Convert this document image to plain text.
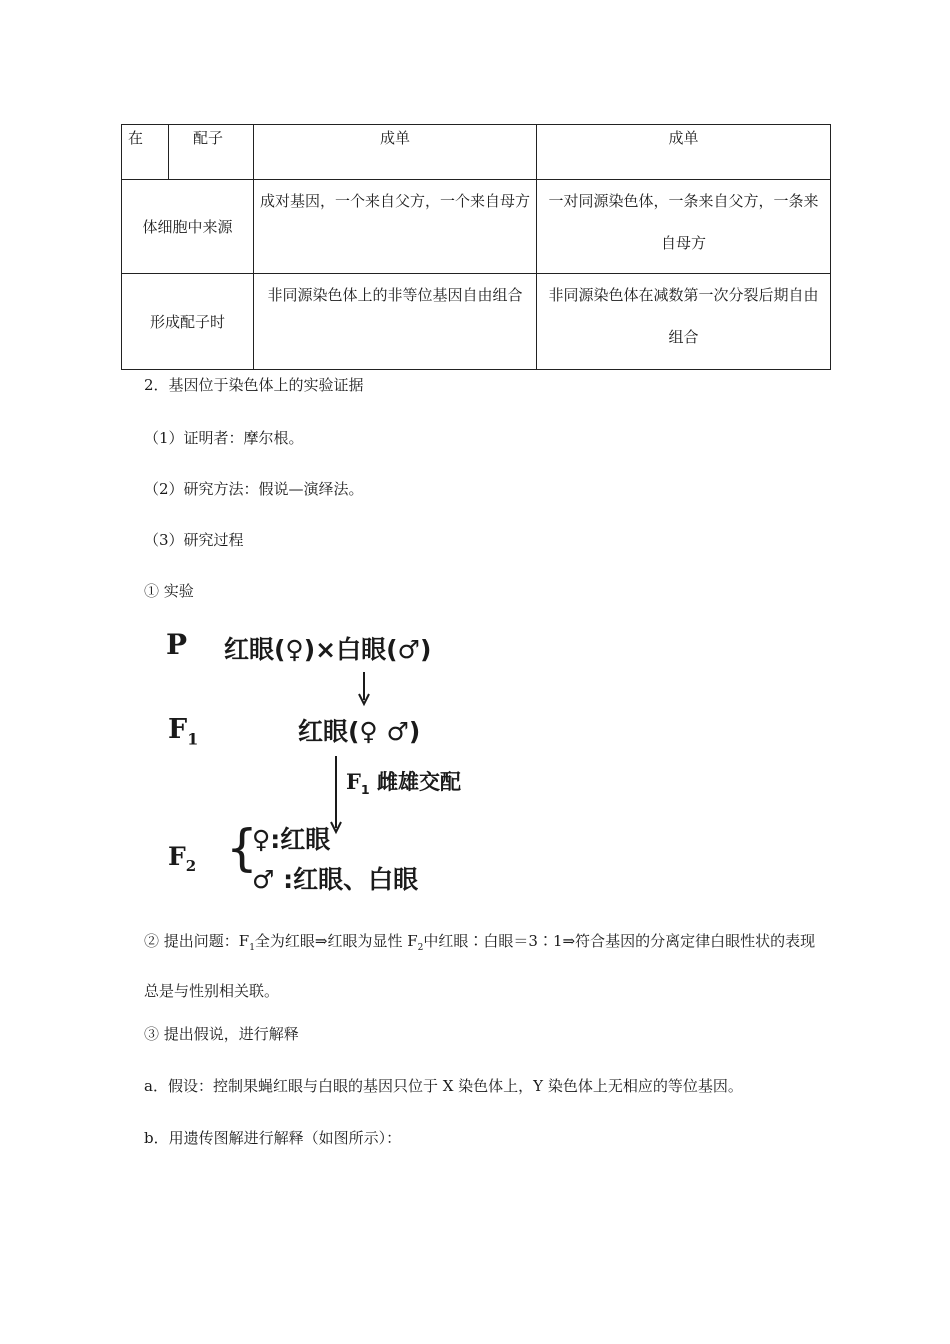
在	配子	成单	成单
体细胞中来源		成对基因，一个来自父方，一个来自母方	一对同源染色体，一条来自父方，一条来自母方
形成配子时		非同源染色体上的非等位基因自由组合	非同源染色体在减数第一次分裂后期自由组合
2．基因位于染色体上的实验证据
（1）证明者：摩尔根。
（2）研究方法：假说—演绎法。
（3）研究过程
① 实验
P 红眼(♀)×白眼(♂)
$F_1$	红眼(♀ ♂)
$F_1$ 雌雄交配
$F_2$ {
♀:红眼
♂ :红眼、白眼
② 提出问题：$F_1$全为红眼⇒红眼为显性 $F_2$中红眼∶白眼＝3∶1⇒符合基因的分离定律白眼性状的表现总是与性别相关联。
③ 提出假说，进行解释
a．假设：控制果蝇红眼与白眼的基因只位于 X 染色体上，Y 染色体上无相应的等位基因。
b．用遗传图解进行解释（如图所示）：
